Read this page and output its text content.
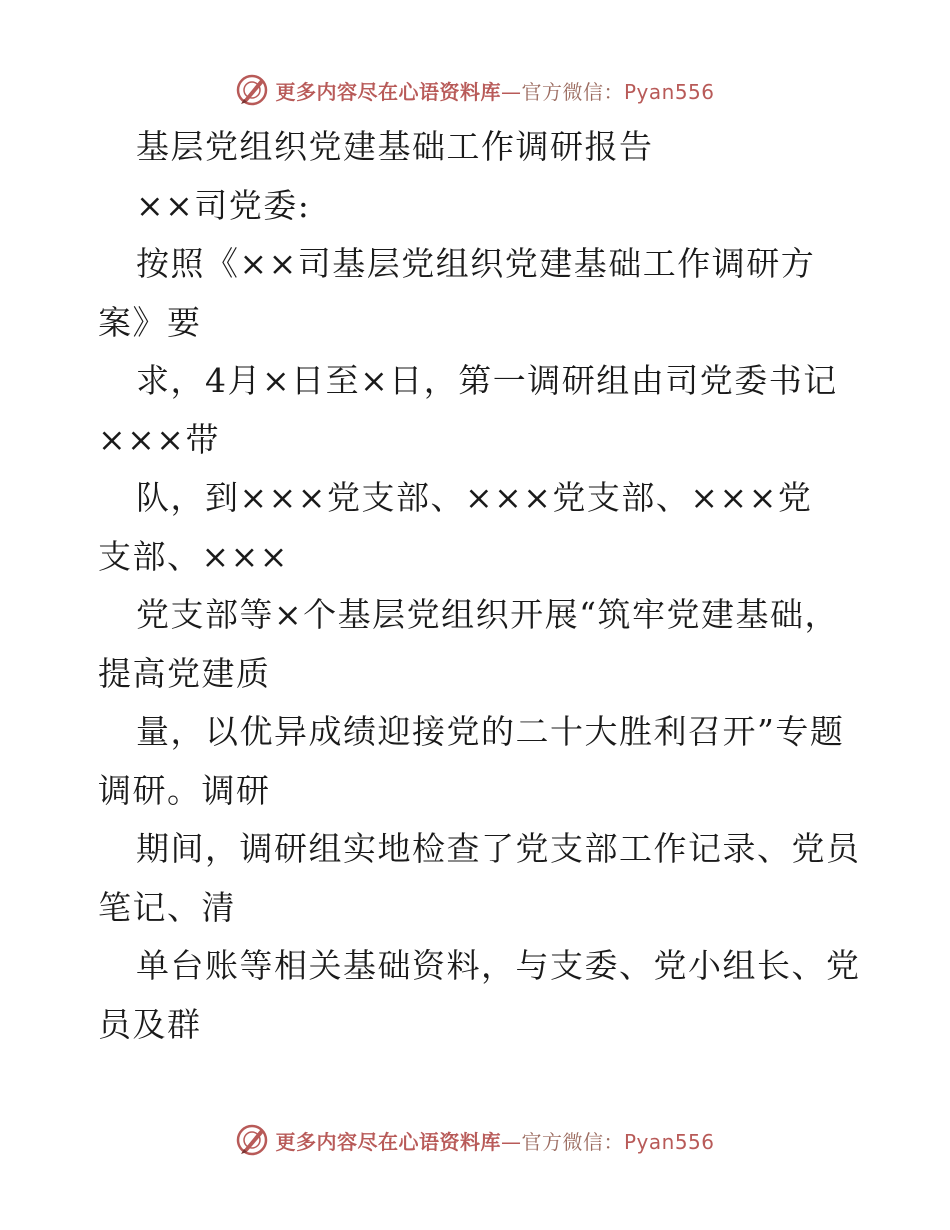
更多内容尽在心语资料库—官方微信：Pyan556
基层党组织党建基础工作调研报告
××司党委:
按照《××司基层党组织党建基础工作调研方
案》要
求，4月×日至×日，第一调研组由司党委书记
×××带
队，到×××党支部、×××党支部、×××党
支部、×××
党支部等×个基层党组织开展“筑牢党建基础，
提高党建质
量，以优异成绩迎接党的二十大胜利召开”专题
调研。调研
期间，调研组实地检查了党支部工作记录、党员
笔记、清
单台账等相关基础资料，与支委、党小组长、党
员及群
更多内容尽在心语资料库—官方微信：Pyan556
